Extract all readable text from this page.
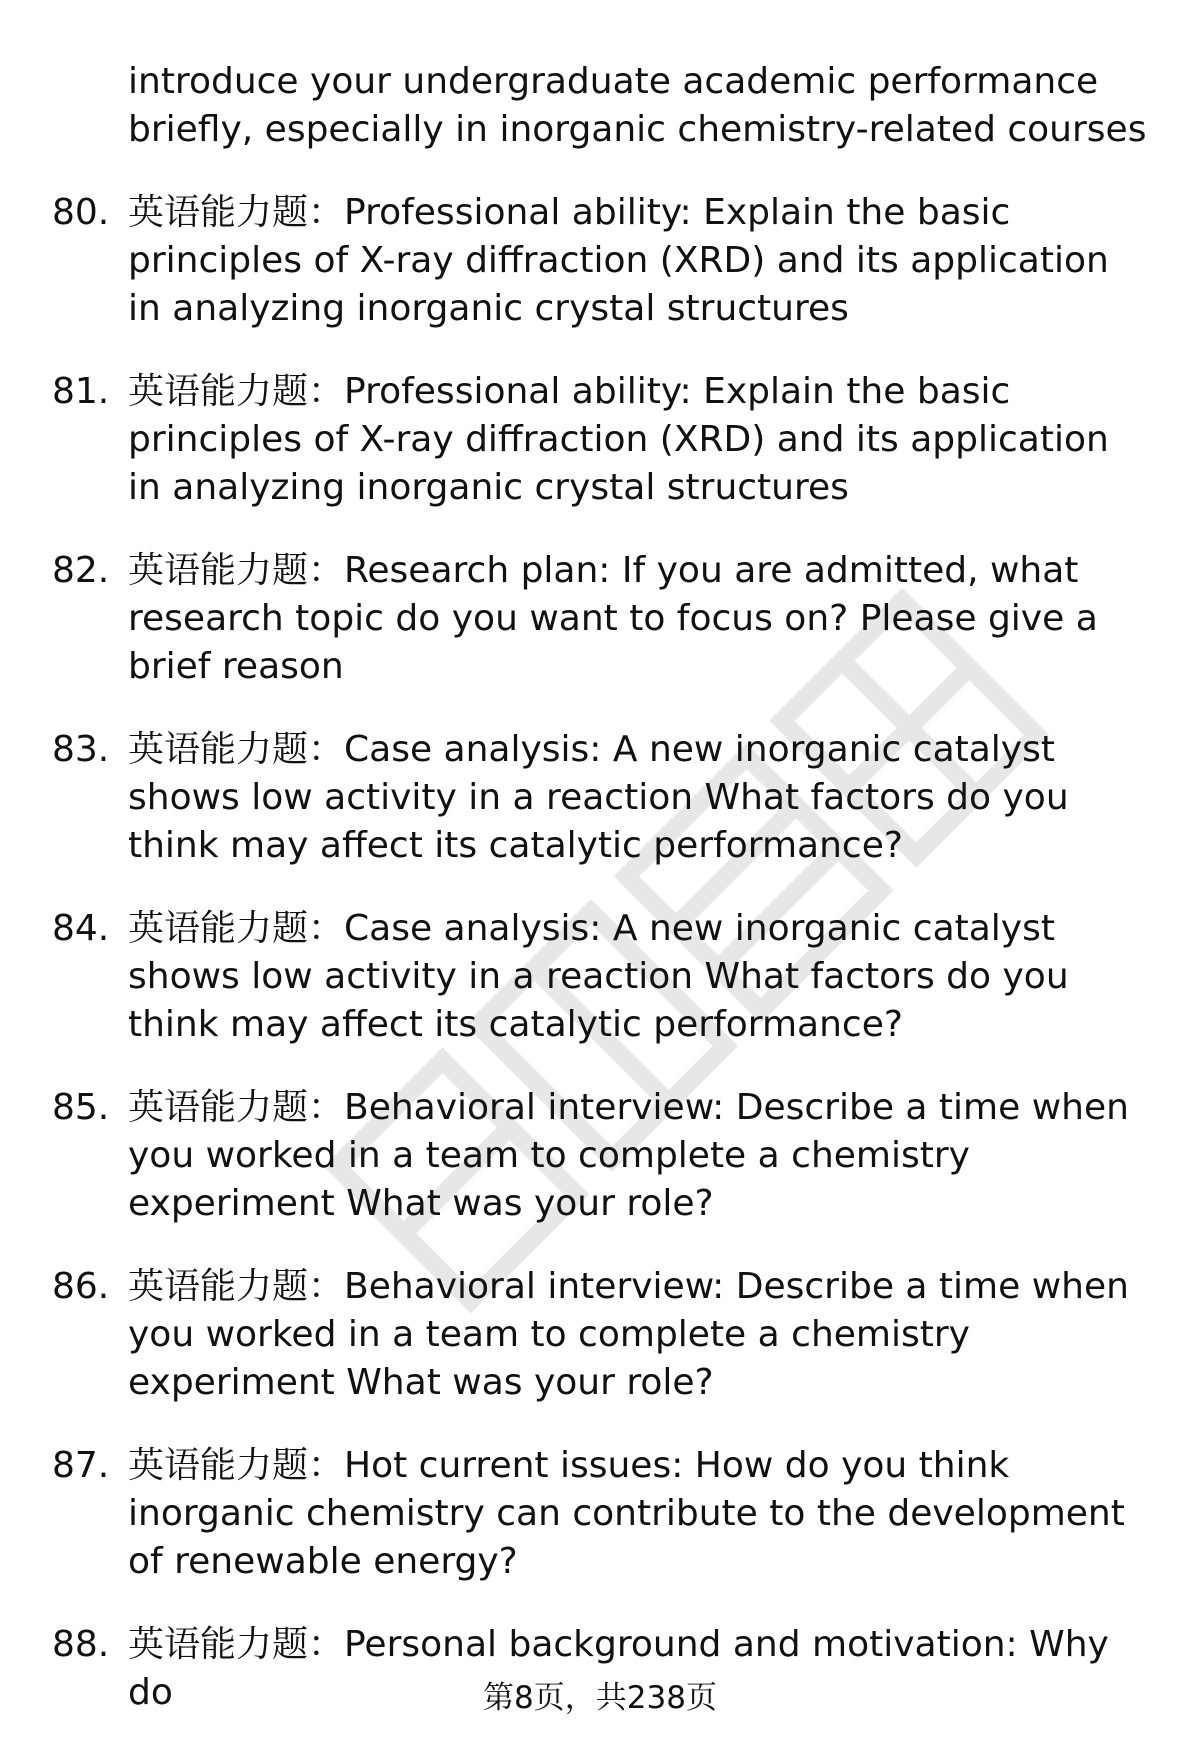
introduce your undergraduate academic performance briefly, especially in inorganic chemistry-related courses
80. 英语能力题：Professional ability: Explain the basic principles of X-ray diffraction (XRD) and its application in analyzing inorganic crystal structures
81. 英语能力题：Professional ability: Explain the basic principles of X-ray diffraction (XRD) and its application in analyzing inorganic crystal structures
82. 英语能力题：Research plan: If you are admitted, what research topic do you want to focus on? Please give a brief reason
83. 英语能力题：Case analysis: A new inorganic catalyst shows low activity in a reaction What factors do you think may affect its catalytic performance?
84. 英语能力题：Case analysis: A new inorganic catalyst shows low activity in a reaction What factors do you think may affect its catalytic performance?
85. 英语能力题：Behavioral interview: Describe a time when you worked in a team to complete a chemistry experiment What was your role?
86. 英语能力题：Behavioral interview: Describe a time when you worked in a team to complete a chemistry experiment What was your role?
87. 英语能力题：Hot current issues: How do you think inorganic chemistry can contribute to the development of renewable energy?
88. 英语能力题：Personal background and motivation: Why do	第8页，共238页
